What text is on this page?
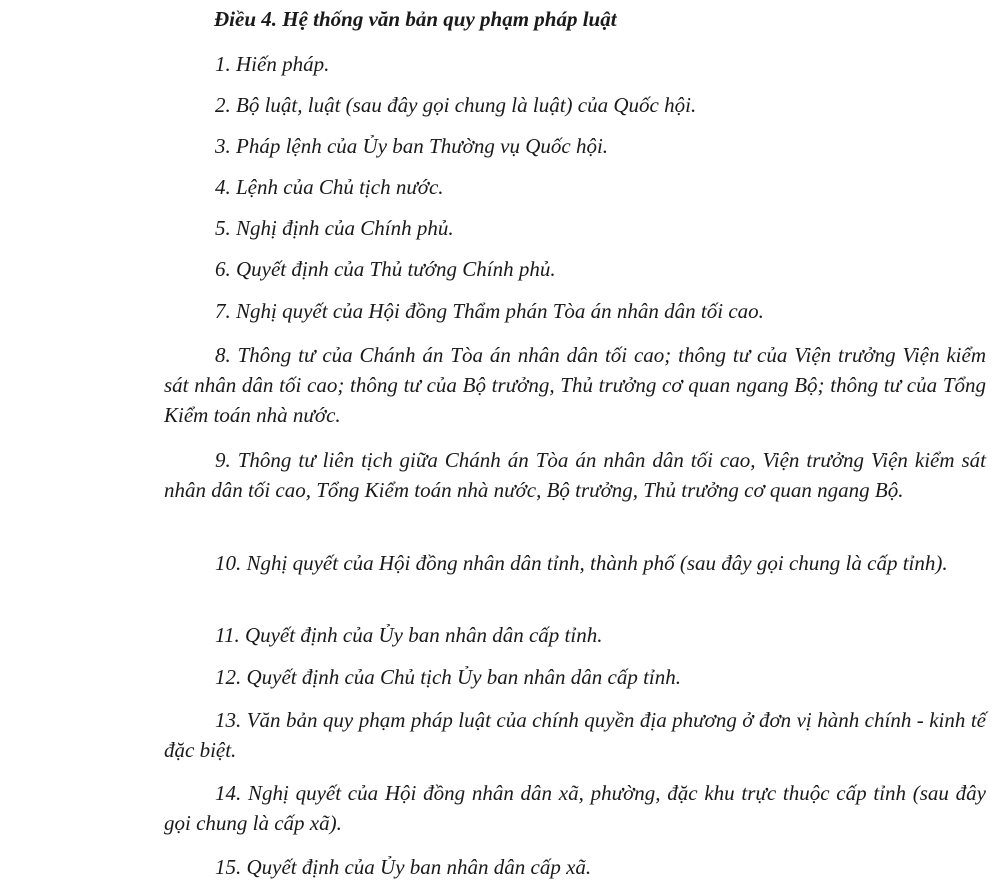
Điều 4. Hệ thống văn bản quy phạm pháp luật
1. Hiến pháp.
2. Bộ luật, luật (sau đây gọi chung là luật) của Quốc hội.
3. Pháp lệnh của Ủy ban Thường vụ Quốc hội.
4. Lệnh của Chủ tịch nước.
5. Nghị định của Chính phủ.
6. Quyết định của Thủ tướng Chính phủ.
7. Nghị quyết của Hội đồng Thẩm phán Tòa án nhân dân tối cao.
8. Thông tư của Chánh án Tòa án nhân dân tối cao; thông tư của Viện trưởng Viện kiểm sát nhân dân tối cao; thông tư của Bộ trưởng, Thủ trưởng cơ quan ngang Bộ; thông tư của Tổng Kiểm toán nhà nước.
9. Thông tư liên tịch giữa Chánh án Tòa án nhân dân tối cao, Viện trưởng Viện kiểm sát nhân dân tối cao, Tổng Kiểm toán nhà nước, Bộ trưởng, Thủ trưởng cơ quan ngang Bộ.
10. Nghị quyết của Hội đồng nhân dân tỉnh, thành phố (sau đây gọi chung là cấp tỉnh).
11. Quyết định của Ủy ban nhân dân cấp tỉnh.
12. Quyết định của Chủ tịch Ủy ban nhân dân cấp tỉnh.
13. Văn bản quy phạm pháp luật của chính quyền địa phương ở đơn vị hành chính - kinh tế đặc biệt.
14. Nghị quyết của Hội đồng nhân dân xã, phường, đặc khu trực thuộc cấp tỉnh (sau đây gọi chung là cấp xã).
15. Quyết định của Ủy ban nhân dân cấp xã.
